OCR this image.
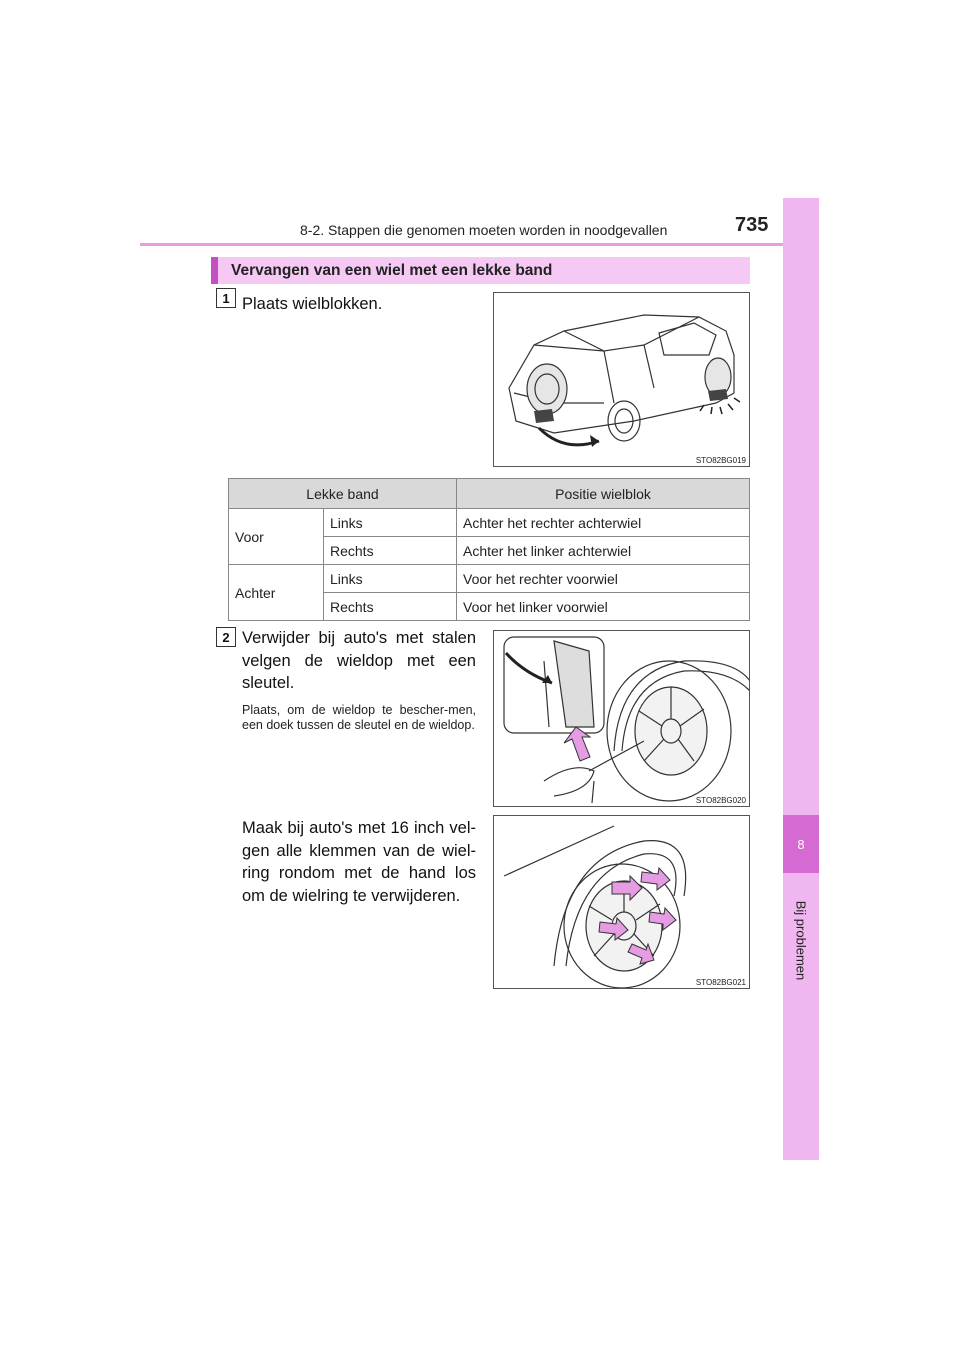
8-2. Stappen die genomen moeten worden in noodgevallen	735
8
Bij problemen
Vervangen van een wiel met een lekke band
1 Plaats wielblokken.
STO82BG019
Lekke band		Positie wielblok
Voor	Links	Achter het rechter achterwiel
	Rechts	Achter het linker achterwiel
Achter	Links	Voor het rechter voorwiel
	Rechts	Voor het linker voorwiel
2 Verwijder bij auto's met stalen velgen de wieldop met een sleutel.
Plaats, om de wieldop te bescher-men, een doek tussen de sleutel en de wieldop.
STO82BG020
Maak bij auto's met 16 inch vel-gen alle klemmen van de wiel-ring rondom met de hand los om de wielring te verwijderen.
STO82BG021
